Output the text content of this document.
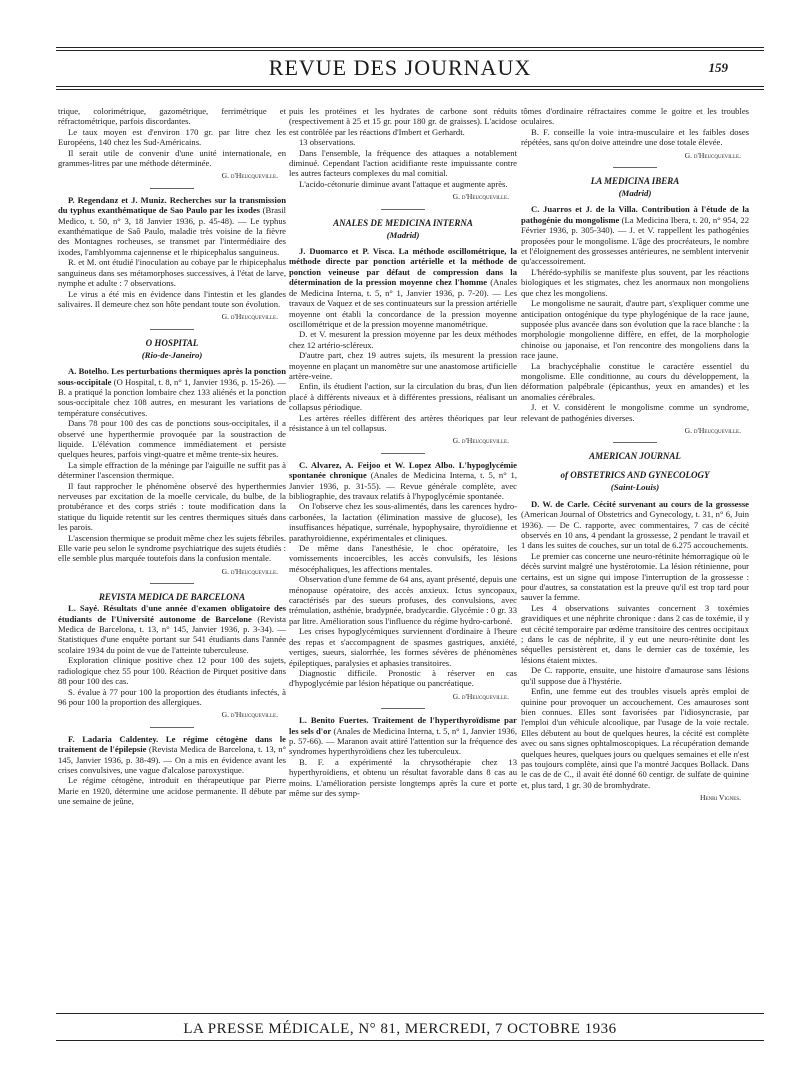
REVUE DES JOURNAUX	159

trique, colorimétrique, gazométrique, ferrimétrique et réfractométrique, parfois discordantes.

Le taux moyen est d'environ 170 gr. par litre chez les Européens, 140 chez les Sud-Américains.

Il serait utile de convenir d'une unité internationale, en grammes-litres par une méthode déterminée.

G. d'Heucqueville.

P. Regendanz et J. Muniz. Recherches sur la transmission du typhus exanthématique de Sao Paulo par les ixodes (Brasil Medico, t. 50, n° 3, 18 Janvier 1936, p. 45-48). — Le typhus exanthématique de Saô Paulo, maladie très voisine de la fièvre des Montagnes rocheuses, se transmet par l'intermédiaire des ixodes, l'amblyomma cajennense et le rhipicephalus sanguineus.

R. et M. ont étudié l'inoculation au cobaye par le rhipicephalus sanguineus dans ses métamorphoses successives, à l'état de larve, nymphe et adulte : 7 observations.

Le virus a été mis en évidence dans l'intestin et les glandes salivaires. Il demeure chez son hôte pendant toute son évolution.

G. d'Heucqueville.
O HOSPITAL
(Rio-de-Janeiro)

A. Botelho. Les perturbations thermiques après la ponction sous-occipitale (O Hospital, t. 8, n° 1, Janvier 1936, p. 15-26). — B. a pratiqué la ponction lombaire chez 133 aliénés et la ponction sous-occipitale chez 108 autres, en mesurant les variations de température consécutives.

Dans 78 pour 100 des cas de ponctions sous-occipitales, il a observé une hyperthermie provoquée par la soustraction de liquide. L'élévation commence immédiatement et persiste quelques heures, parfois vingt-quatre et même trente-six heures.

La simple effraction de la méninge par l'aiguille ne suffit pas à déterminer l'ascension thermique.

Il faut rapprocher le phénomène observé des hyperthermies nerveuses par excitation de la moelle cervicale, du bulbe, de la protubérance et des corps striés : toute modification dans la statique du liquide retentit sur les centres thermiques situés dans les parois.

L'ascension thermique se produit même chez les sujets fébriles. Elle varie peu selon le syndrome psychiatrique des sujets étudiés : elle semble plus marquée toutefois dans la confusion mentale.

G. d'Heucqueville.
REVISTA MEDICA DE BARCELONA

L. Sayé. Résultats d'une année d'examen obligatoire des étudiants de l'Université autonome de Barcelone (Revista Medica de Barcelona, t. 13, n° 145, Janvier 1936, p. 3-34). — Statistiques d'une enquête portant sur 541 étudiants dans l'année scolaire 1934 du point de vue de l'atteinte tuberculeuse.

Exploration clinique positive chez 12 pour 100 des sujets, radiologique chez 55 pour 100. Réaction de Pirquet positive dans 88 pour 100 des cas.

S. évalue à 77 pour 100 la proportion des étudiants infectés, à 96 pour 100 la proportion des allergiques.

G. d'Heucqueville.

F. Ladaria Caldentey. Le régime cétogène dans le traitement de l'épilepsie (Revista Medica de Barcelona, t. 13, n° 145, Janvier 1936, p. 38-49). — On a mis en évidence avant les crises convulsives, une vague d'alcalose paroxystique.

Le régime cétogène, introduit en thérapeutique par Pierre Marie en 1920, détermine une acidose permanente. Il débute par une semaine de jeûne,

puis les protéines et les hydrates de carbone sont réduits (respectivement à 25 et 15 gr. pour 180 gr. de graisses). L'acidose est contrôlée par les réactions d'Imbert et Gerhardt.

13 observations.

Dans l'ensemble, la fréquence des attaques a notablement diminué. Cependant l'action acidifiante reste impuissante contre les autres facteurs complexes du mal comitial.

L'acido-cétonurie diminue avant l'attaque et augmente après.

G. d'Heucqueville.
ANALES DE MEDICINA INTERNA
(Madrid)

J. Duomarco et P. Visca. La méthode oscillométrique, la méthode directe par ponction artérielle et la méthode de ponction veineuse par défaut de compression dans la détermination de la pression moyenne chez l'homme (Anales de Medicina Interna, t. 5, n° 1, Janvier 1936, p. 7-20). — Les travaux de Vaquez et de ses continuateurs sur la pression artérielle moyenne ont établi la concordance de la pression moyenne oscillométrique et de la pression moyenne manométrique.

D. et V. mesurent la pression moyenne par les deux méthodes chez 12 artério-scléreux.

D'autre part, chez 19 autres sujets, ils mesurent la pression moyenne en plaçant un manomètre sur une anastomose artificielle artère-veine.

Enfin, ils étudient l'action, sur la circulation du bras, d'un lien placé à différents niveaux et à différentes pressions, réalisant un collapsus périodique.

Les artères réelles diffèrent des artères théoriques par leur résistance à un tel collapsus.

G. d'Heucqueville.

C. Alvarez, A. Feijoo et W. Lopez Albo. L'hypoglycémie spontanée chronique (Anales de Medicina Interna, t. 5, n° 1, Janvier 1936, p. 31-55). — Revue générale complète, avec bibliographie, des travaux relatifs à l'hypoglycémie spontanée.

On l'observe chez les sous-alimentés, dans les carences hydro-carbonées, la lactation (élimination massive de glucose), les insuffisances hépatique, surrénale, hypophysaire, thyroïdienne et parathyroïdienne, expérimentales et cliniques.

De même dans l'anesthésie, le choc opératoire, les vomissements incoercibles, les accès convulsifs, les lésions mésocéphaliques, les affections mentales.

Observation d'une femme de 64 ans, ayant présenté, depuis une ménopause opératoire, des accès anxieux. Ictus syncopaux, caractérisés par des sueurs profuses, des convulsions, avec trémulation, asthénie, bradypnée, bradycardie. Glycémie : 0 gr. 33 par litre. Amélioration sous l'influence du régime hydro-carboné.

Les crises hypoglycémiques surviennent d'ordinaire à l'heure des repas et s'accompagnent de spasmes gastriques, anxiété, vertiges, sueurs, sialorrhée, les formes sévères de phénomènes épileptiques, paralysies et aphasies transitoires.

Diagnostic difficile. Pronostic à réserver en cas d'hypoglycémie par lésion hépatique ou pancréatique.

G. d'Heucqueville.

L. Benito Fuertes. Traitement de l'hyperthyroïdisme par les sels d'or (Anales de Medicina Interna, t. 5, n° 1, Janvier 1936, p. 57-66). — Maranon avait attiré l'attention sur la fréquence des syndromes hyperthyroïdiens chez les tuberculeux.

B. F. a expérimenté la chrysothérapie chez 13 hyperthyroïdiens, et obtenu un résultat favorable dans 8 cas au moins. L'amélioration persiste longtemps après la cure et porte même sur des symp-

tômes d'ordinaire réfractaires comme le goitre et les troubles oculaires.

B. F. conseille la voie intra-musculaire et les faibles doses répétées, sans qu'on doive atteindre une dose totale élevée.

G. d'Heucqueville.
LA MEDICINA IBERA
(Madrid)

C. Juarros et J. de la Villa. Contribution à l'étude de la pathogénie du mongolisme (La Medicina Ibera, t. 20, n° 954, 22 Février 1936, p. 305-340). — J. et V. rappellent les pathogénies proposées pour le mongolisme. L'âge des procréateurs, le nombre et l'éloignement des grossesses antérieures, ne semblent intervenir qu'accessoirement.

L'hérédo-syphilis se manifeste plus souvent, par les réactions biologiques et les stigmates, chez les anormaux non mongoliens que chez les mongoliens.

Le mongolisme ne saurait, d'autre part, s'expliquer comme une anticipation ontogénique du type phylogénique de la race jaune, supposée plus avancée dans son évolution que la race blanche : la morphologie mongolienne diffère, en effet, de la morphologie chinoise ou japonaise, et l'on rencontre des mongoliens dans la race jaune.

La brachycéphalie constitue le caractère essentiel du mongolisme. Elle conditionne, au cours du développement, la déformation palpébrale (épicanthus, yeux en amandes) et les anomalies cérébrales.

J. et V. considèrent le mongolisme comme un syndrome, relevant de pathogénies diverses.

G. d'Heucqueville.
AMERICAN JOURNAL
of OBSTETRICS AND GYNECOLOGY
(Saint-Louis)

D. W. de Carle. Cécité survenant au cours de la grossesse (American Journal of Obstetrics and Gynecology, t. 31, n° 6, Juin 1936). — De C. rapporte, avec commentaires, 7 cas de cécité observés en 10 ans, 4 pendant la grossesse, 2 pendant le travail et 1 dans les suites de couches, sur un total de 6.275 accouchements.

Le premier cas concerne une neuro-rétinite hémorragique où le décès survint malgré une hystérotomie. La lésion rétinienne, pour certains, est un signe qui impose l'interruption de la grossesse : pour d'autres, sa constatation est la preuve qu'il est trop tard pour sauver la femme.

Les 4 observations suivantes concernent 3 toxémies gravidiques et une néphrite chronique : dans 2 cas de toxémie, il y eut cécité temporaire par œdème transitoire des centres occipitaux ; dans le cas de néphrite, il y eut une neuro-rétinite dont les séquelles persistèrent et, dans le dernier cas de toxémie, les lésions étaient mixtes.

De C. rapporte, ensuite, une histoire d'amaurose sans lésions qu'il suppose due à l'hystérie.

Enfin, une femme eut des troubles visuels après emploi de quinine pour provoquer un accouchement. Ces amauroses sont bien connues. Elles sont favorisées par l'idiosyncrasie, par l'emploi d'un véhicule alcoolique, par l'usage de la voie rectale. Elles débutent au bout de quelques heures, la cécité est complète avec ou sans signes ophtalmoscopiques. La récupération demande quelques heures, quelques jours ou quelques semaines et elle n'est pas toujours complète, ainsi que l'a montré Jacques Bollack. Dans le cas de de C., il avait été donné 60 centigr. de sulfate de quinine et, plus tard, 1 gr. 30 de bromhydrate.

Henri Vignes.
LA PRESSE MÉDICALE, N° 81, MERCREDI, 7 OCTOBRE 1936
